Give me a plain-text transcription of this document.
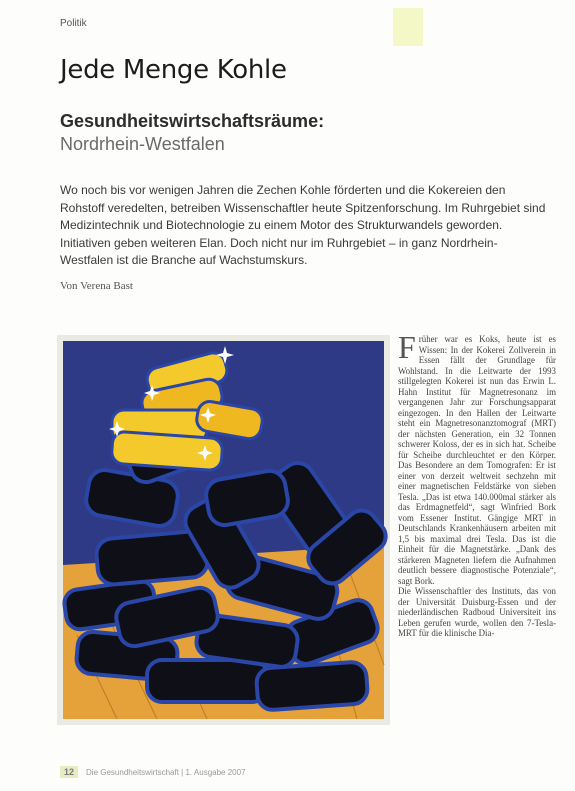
Politik
Jede Menge Kohle
Gesundheitswirtschaftsräume:
Nordrhein-Westfalen

Wo noch bis vor wenigen Jahren die Zechen Kohle förderten und die Kokereien den Rohstoff veredelten, betreiben Wissenschaftler heute Spitzenforschung. Im Ruhrgebiet sind Medizintechnik und Biotechnologie zu einem Motor des Strukturwandels geworden. Initiativen geben weiteren Elan. Doch nicht nur im Ruhrgebiet – in ganz Nordrhein-Westfalen ist die Branche auf Wachstumskurs.

Von Verena Bast

Früher war es Koks, heute ist es Wissen: In der Kokerei Zollverein in Essen fällt der Grundlage für Wohlstand. In die Leitwarte der 1993 stillgelegten Kokerei ist nun das Erwin L. Hahn Institut für Magnetresonanz im vergangenen Jahr zur Forschungsapparat eingezogen. In den Hallen der Leitwarte steht ein Magnetresonanztomograf (MRT) der nächsten Generation, ein 32 Tonnen schwerer Koloss, der es in sich hat. Scheibe für Scheibe durchleuchtet er den Körper. Das Besondere an dem Tomografen: Er ist einer von derzeit weltweit sechzehn mit einer magnetischen Feldstärke von sieben Tesla. „Das ist etwa 140.000mal stärker als das Erdmagnetfeld“, sagt Winfried Bork vom Essener Institut. Gängige MRT in Deutschlands Krankenhäusern arbeiten mit 1,5 bis maximal drei Tesla. Das ist die Einheit für die Magnetstärke. „Dank des stärkeren Magneten liefern die Aufnahmen deutlich bessere diagnostische Potenziale“, sagt Bork.

Die Wissenschaftler des Instituts, das von der Universität Duisburg-Essen und der niederländischen Radboud Universiteit ins Leben gerufen wurde, wollen den 7-Tesla-MRT für die klinische Dia-

12	Die Gesundheitswirtschaft | 1. Ausgabe 2007
